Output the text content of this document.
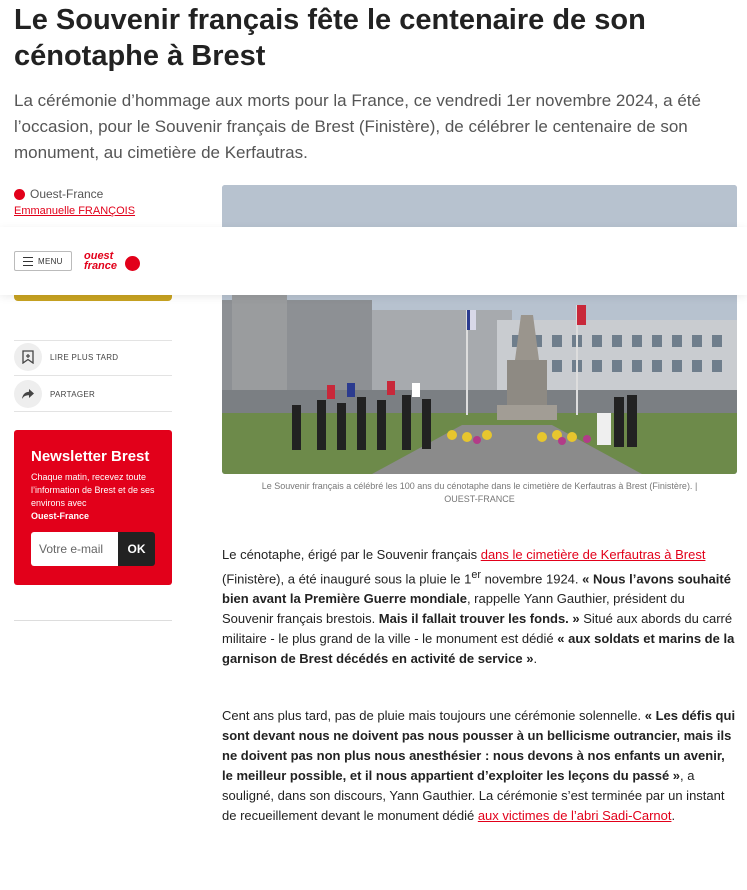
Le Souvenir français fête le centenaire de son cénotaphe à Brest

La cérémonie d’hommage aux morts pour la France, ce vendredi 1er novembre 2024, a été l’occasion, pour le Souvenir français de Brest (Finistère), de célébrer le centenaire de son monument, au cimetière de Kerfautras.

Ouest-France
Emmanuelle FRANÇOIS
Le Souvenir français a célébré les 100 ans du cénotaphe dans le cimetière de Kerfautras à Brest (Finistère). |
OUEST-FRANCE
MENU ouest
france
LIRE PLUS TARD
PARTAGER
Newsletter Brest

Chaque matin, recevez toute l’information de Brest et de ses environs avec
Ouest-France

Votre e-mail
OK	Le cénotaphe, érigé par le Souvenir français dans le cimetière de Kerfautras à Brest (Finistère), a été inauguré sous la pluie le 1er novembre 1924. « Nous l’avons souhaité bien avant la Première Guerre mondiale, rappelle Yann Gauthier, président du Souvenir français brestois. Mais il fallait trouver les fonds. » Situé aux abords du carré militaire - le plus grand de la ville - le monument est dédié « aux soldats et marins de la garnison de Brest décédés en activité de service ».

Cent ans plus tard, pas de pluie mais toujours une cérémonie solennelle. « Les défis qui sont devant nous ne doivent pas nous pousser à un bellicisme outrancier, mais ils ne doivent pas non plus nous anesthésier : nous devons à nos enfants un avenir, le meilleur possible, et il nous appartient d’exploiter les leçons du passé », a souligné, dans son discours, Yann Gauthier. La cérémonie s’est terminée par un instant de recueillement devant le monument dédié aux victimes de l’abri Sadi-Carnot.
